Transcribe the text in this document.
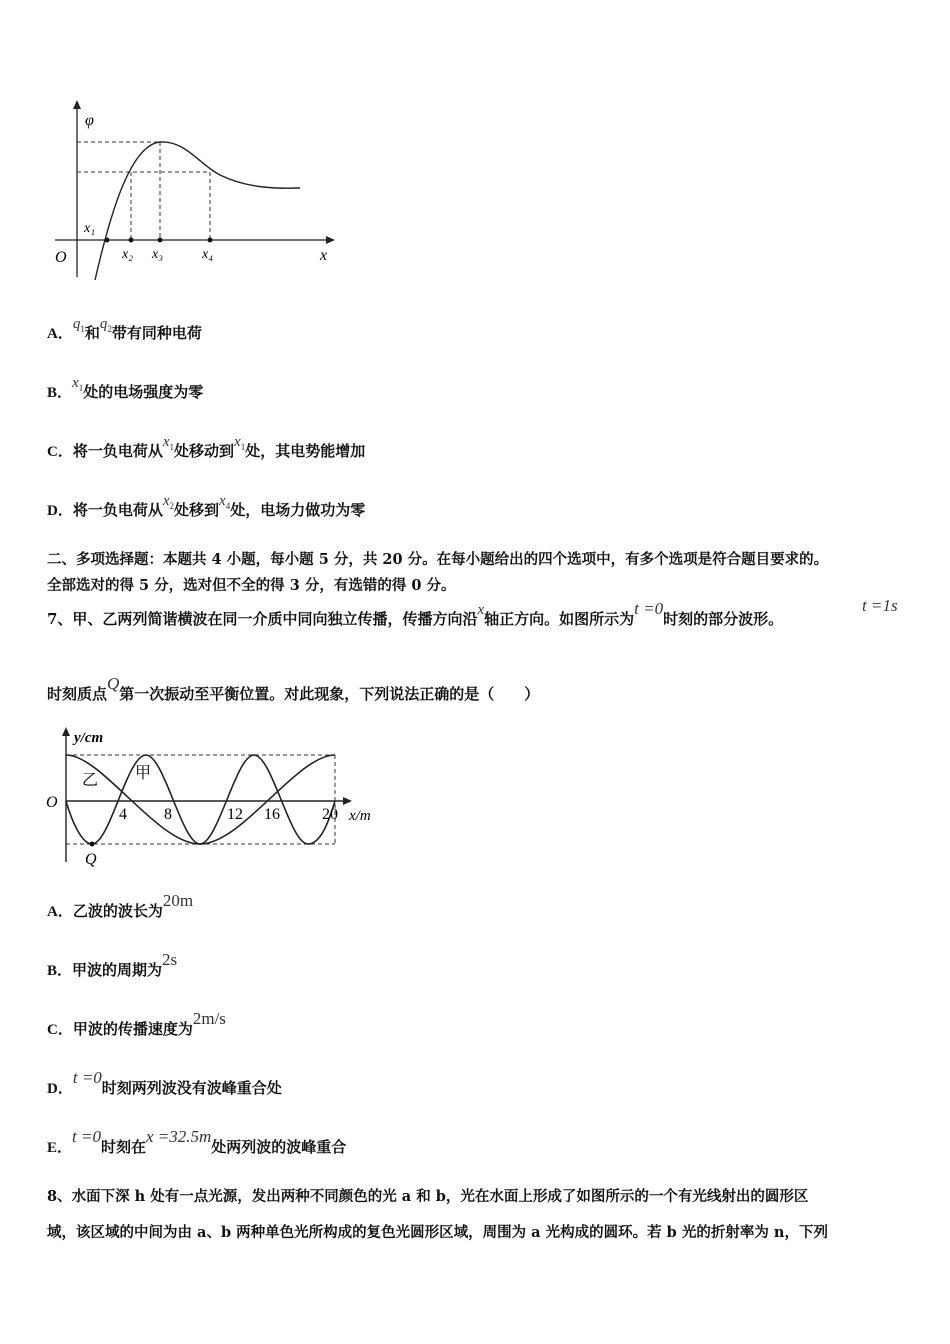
φ
x
O
x₁
x₂ x₃	x₄
A．$q_1$和$q_2$带有同种电荷
B．$x_1$处的电场强度为零
C．将一负电荷从$x_1$处移动到$x_1$处，其电势能增加
D．将一负电荷从$x_2$处移到$x_4$处，电场力做功为零
二、多项选择题：本题共 4 小题，每小题 5 分，共 20 分。在每小题给出的四个选项中，有多个选项是符合题目要求的。
全部选对的得 5 分，选对但不全的得 3 分，有选错的得 0 分。
7、甲、乙两列简谐横波在同一介质中同向独立传播，传播方向沿x轴正方向。如图所示为t =0时刻的部分波形。
t =1s
时刻质点Q第一次振动至平衡位置。对此现象，下列说法正确的是（　　）
y/cm
x/m
O
乙 甲
Q
4 8	12 16	20
A．乙波的波长为20m
B．甲波的周期为2s
C．甲波的传播速度为2m/s
D．t =0时刻两列波没有波峰重合处
E．t =0时刻在x =32.5m处两列波的波峰重合
8、水面下深 h 处有一点光源，发出两种不同颜色的光 a 和 b，光在水面上形成了如图所示的一个有光线射出的圆形区
域，该区域的中间为由 a、b 两种单色光所构成的复色光圆形区域，周围为 a 光构成的圆环。若 b 光的折射率为 n，下列
